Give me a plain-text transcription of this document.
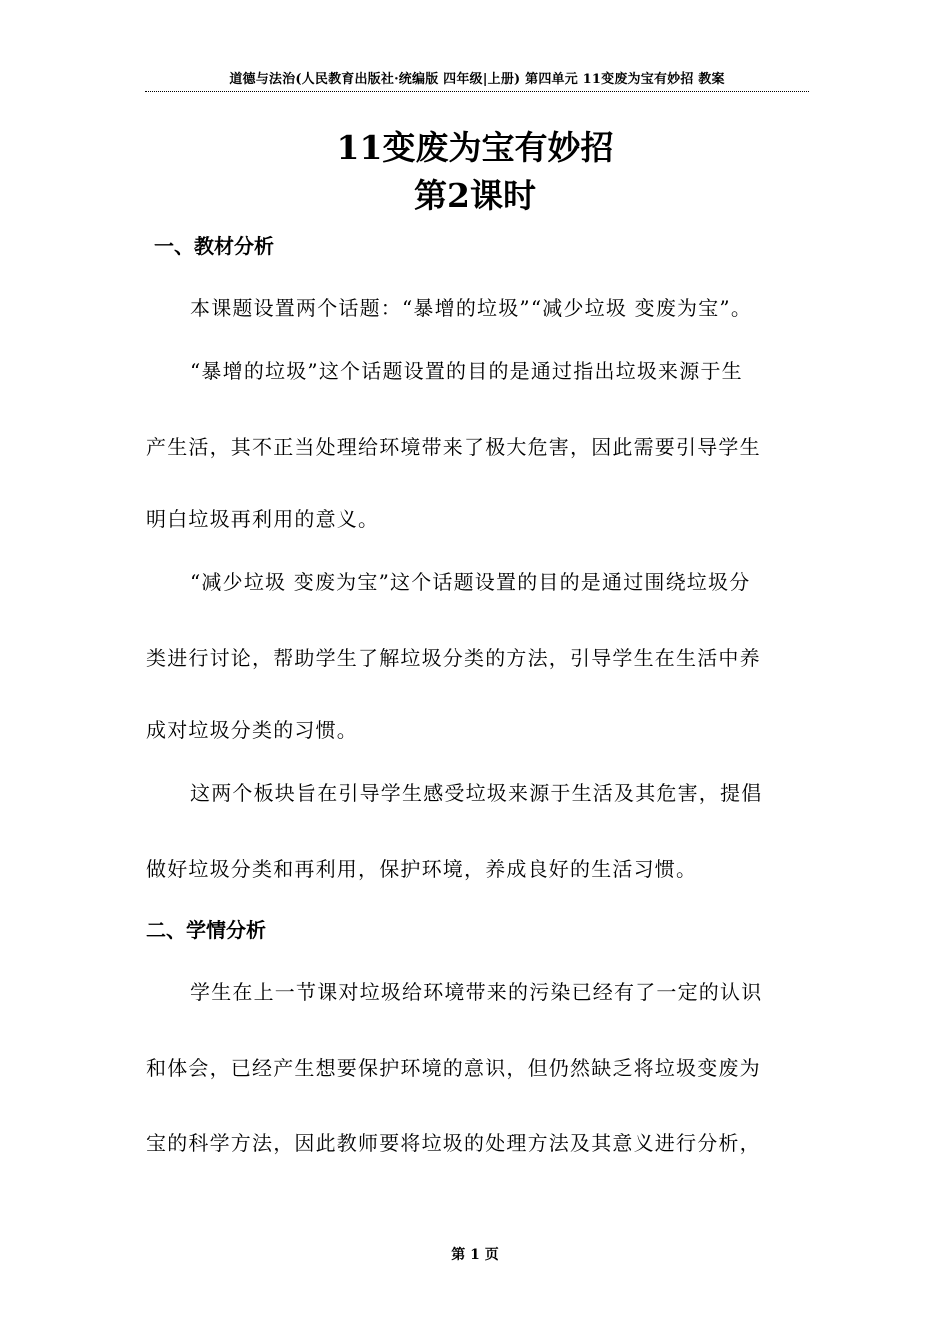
道德与法治(人民教育出版社·统编版 四年级|上册) 第四单元 11变废为宝有妙招 教案
11变废为宝有妙招
第2课时
一、教材分析
本课题设置两个话题：“暴增的垃圾”“减少垃圾 变废为宝”。
“暴增的垃圾”这个话题设置的目的是通过指出垃圾来源于生
产生活，其不正当处理给环境带来了极大危害，因此需要引导学生
明白垃圾再利用的意义。
“减少垃圾 变废为宝”这个话题设置的目的是通过围绕垃圾分
类进行讨论，帮助学生了解垃圾分类的方法，引导学生在生活中养
成对垃圾分类的习惯。
这两个板块旨在引导学生感受垃圾来源于生活及其危害，提倡
做好垃圾分类和再利用，保护环境，养成良好的生活习惯。
二、学情分析
学生在上一节课对垃圾给环境带来的污染已经有了一定的认识
和体会，已经产生想要保护环境的意识，但仍然缺乏将垃圾变废为
宝的科学方法，因此教师要将垃圾的处理方法及其意义进行分析，
第 1 页
